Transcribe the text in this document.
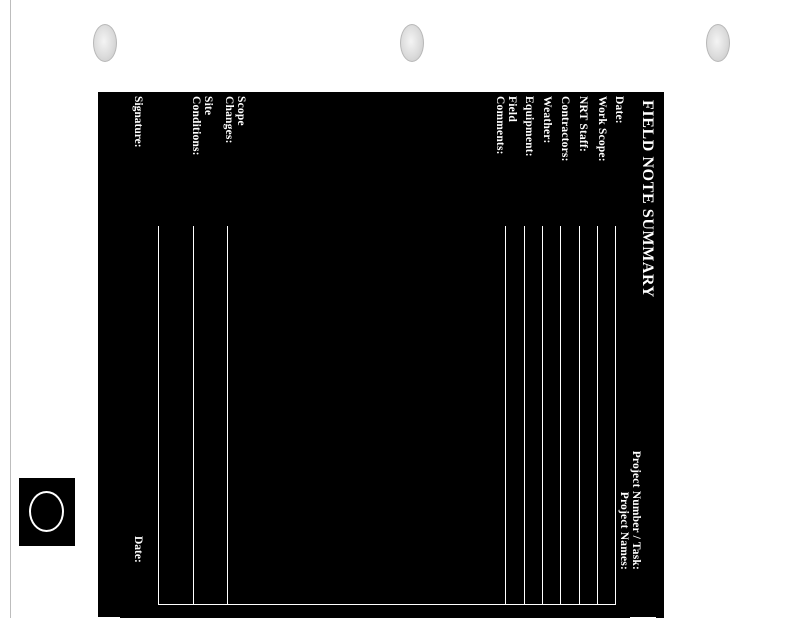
FIELD NOTE SUMMARY
Project Number / Task:
Project Names:
Date:
Work Scope:
NRT Staff:
Contractors:
Weather:
Equipment:
Field
Comments:
Scope
Changes:
Site
Conditions:
Signature:
Date:
John P. Swanson
1 of 2
